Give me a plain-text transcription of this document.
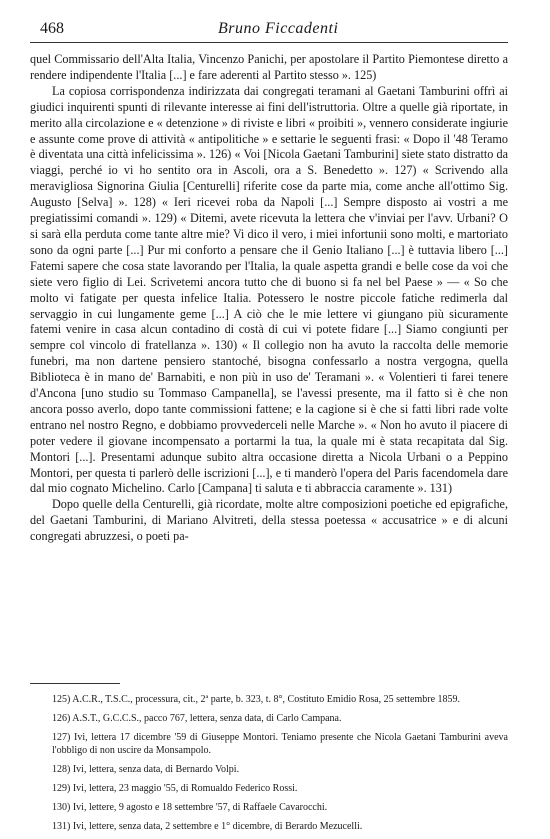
468	Bruno Ficcadenti

quel Commissario dell'Alta Italia, Vincenzo Panichi, per apostolare il Partito Piemontese diretto a rendere indipendente l'Italia [...] e fare aderenti al Partito stesso ». 125)

La copiosa corrispondenza indirizzata dai congregati teramani al Gaetani Tamburini offrì ai giudici inquirenti spunti di rilevante interesse ai fini dell'istruttoria. Oltre a quelle già riportate, in merito alla circolazione e « detenzione » di riviste e libri « proibiti », vennero considerate ingiurie e assunte come prove di attività « antipolitiche » e settarie le seguenti frasi: « Dopo il '48 Teramo è diventata una città infelicissima ». 126) « Voi [Nicola Gaetani Tamburini] siete stato distratto da viaggi, perché io vi ho sentito ora in Ascoli, ora a S. Benedetto ». 127) « Scrivendo alla meravigliosa Signorina Giulia [Centurelli] riferite cose da parte mia, come anche all'ottimo Sig. Augusto [Selva] ». 128) « Ieri ricevei roba da Napoli [...] Sempre disposto ai vostri a me pregiatissimi comandi ». 129) « Ditemi, avete ricevuta la lettera che v'inviai per l'avv. Urbani? O si sarà ella perduta come tante altre mie? Vi dico il vero, i miei infortunii sono molti, e martoriato sono da ogni parte [...] Pur mi conforto a pensare che il Genio Italiano [...] è tuttavia libero [...] Fatemi sapere che cosa state lavorando per l'Italia, la quale aspetta grandi e belle cose da voi che siete vero figlio di Lei. Scrivetemi ancora tutto che di buono si fa nel bel Paese » — « So che molto vi fatigate per questa infelice Italia. Potessero le nostre piccole fatiche redimerla dal servaggio in cui lungamente geme [...] A ciò che le mie lettere vi giungano più sicuramente fatemi venire in casa alcun contadino di costà di cui vi potete fidare [...] Siamo congiunti per sempre col vincolo di fratellanza ». 130) « Il collegio non ha avuto la raccolta delle memorie funebri, ma non dartene pensiero stantoché, bisogna confessarlo a nostra vergogna, quella Biblioteca è in mano de' Barnabiti, e non più in uso de' Teramani ». « Volentieri ti farei tenere d'Ancona [uno studio su Tommaso Campanella], se l'avessi presente, ma il fatto si è che non ancora posso averlo, dopo tante commissioni fattene; e la cagione si è che si fatti libri rade volte entrano nel nostro Regno, e dobbiamo provvederceli nelle Marche ». « Non ho avuto il piacere di poter vedere il giovane incompensato a portarmi la tua, la quale mi è stata recapitata dal Sig. Montori [...]. Presentami adunque subito altra occasione diretta a Nicola Urbani o a Peppino Montori, per questa ti parlerò delle iscrizioni [...], e ti manderò l'opera del Paris facendomela dare dal mio cognato Michelino. Carlo [Campana] ti saluta e ti abbraccia caramente ». 131)

Dopo quelle della Centurelli, già ricordate, molte altre composizioni poetiche ed epigrafiche, del Gaetani Tamburini, di Mariano Alvitreti, della stessa poetessa « accusatrice » e di alcuni congregati abruzzesi, o poeti pa-

125) A.C.R., T.S.C., processura, cit., 2ª parte, b. 323, t. 8°, Costituto Emidio Rosa, 25 settembre 1859.

126) A.S.T., G.C.C.S., pacco 767, lettera, senza data, di Carlo Campana.

127) Ivi, lettera 17 dicembre '59 di Giuseppe Montori. Teniamo presente che Nicola Gaetani Tamburini aveva l'obbligo di non uscire da Monsampolo.

128) Ivi, lettera, senza data, di Bernardo Volpi.

129) Ivi, lettera, 23 maggio '55, di Romualdo Federico Rossi.

130) Ivi, lettere, 9 agosto e 18 settembre '57, di Raffaele Cavarocchi.

131) Ivi, lettere, senza data, 2 settembre e 1° dicembre, di Berardo Mezucelli.
